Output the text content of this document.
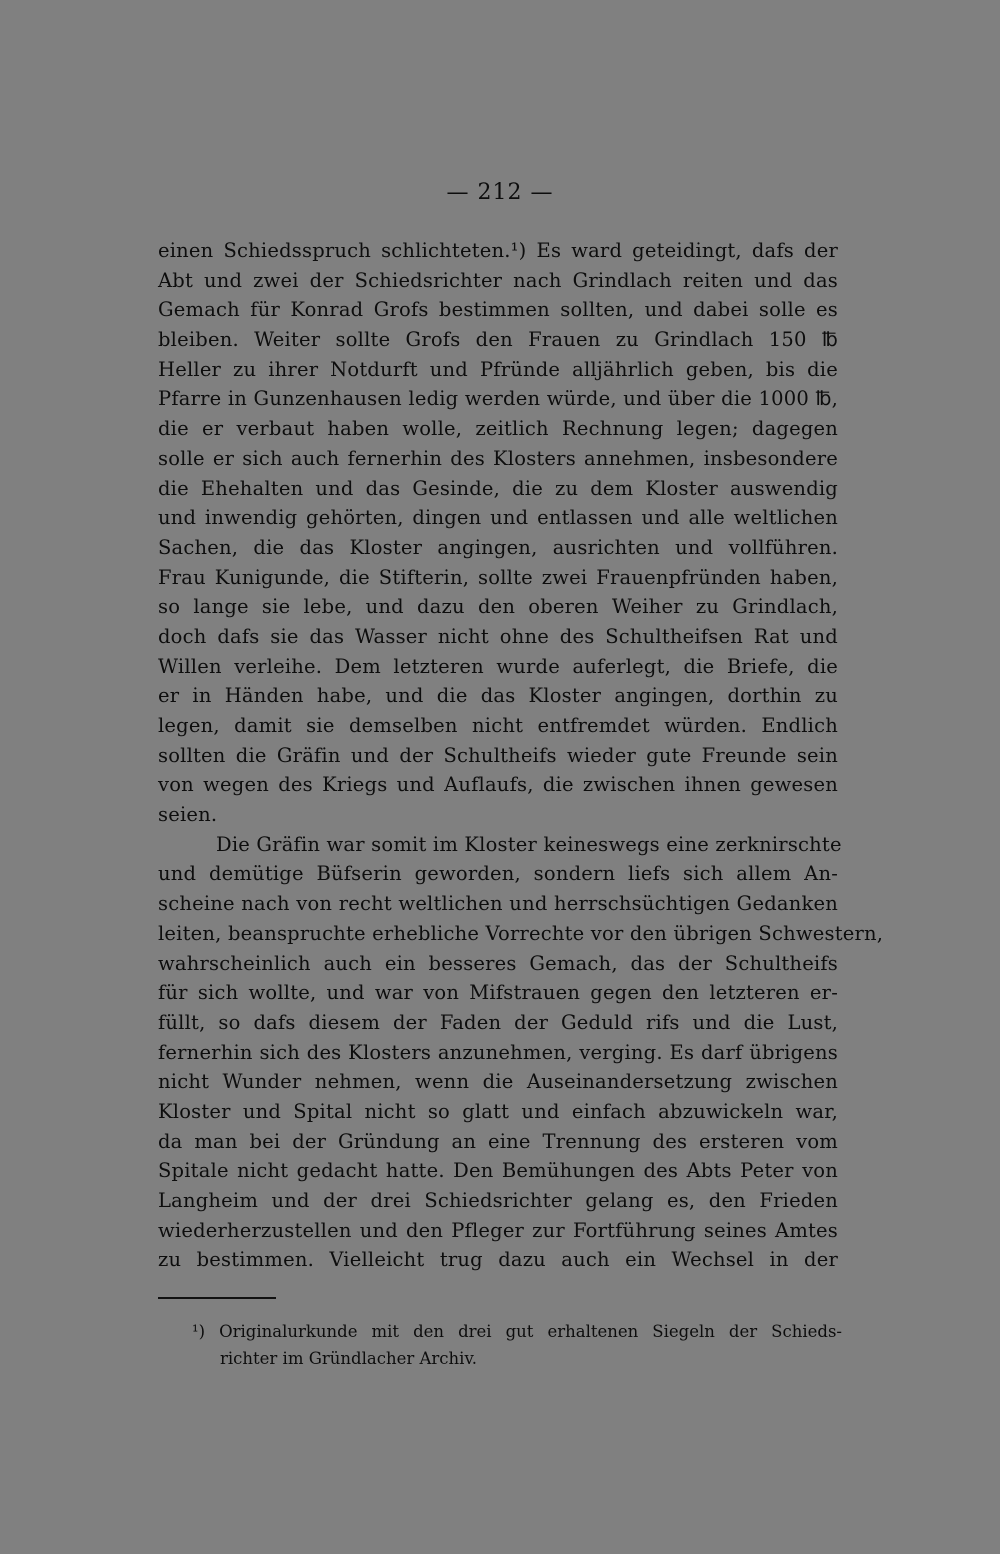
— 212 —
einen Schiedsspruch schlichteten.¹) Es ward geteidingt, dafs der
Abt und zwei der Schiedsrichter nach Grindlach reiten und das
Gemach für Konrad Grofs bestimmen sollten, und dabei solle es
bleiben. Weiter sollte Grofs den Frauen zu Grindlach 150 ℔
Heller zu ihrer Notdurft und Pfründe alljährlich geben, bis die
Pfarre in Gunzenhausen ledig werden würde, und über die 1000 ℔,
die er verbaut haben wolle, zeitlich Rechnung legen; dagegen
solle er sich auch fernerhin des Klosters annehmen, insbesondere
die Ehehalten und das Gesinde, die zu dem Kloster auswendig
und inwendig gehörten, dingen und entlassen und alle weltlichen
Sachen, die das Kloster angingen, ausrichten und vollführen.
Frau Kunigunde, die Stifterin, sollte zwei Frauenpfründen haben,
so lange sie lebe, und dazu den oberen Weiher zu Grindlach,
doch dafs sie das Wasser nicht ohne des Schultheifsen Rat und
Willen verleihe. Dem letzteren wurde auferlegt, die Briefe, die
er in Händen habe, und die das Kloster angingen, dorthin zu
legen, damit sie demselben nicht entfremdet würden. Endlich
sollten die Gräfin und der Schultheifs wieder gute Freunde sein
von wegen des Kriegs und Auflaufs, die zwischen ihnen gewesen
seien.
Die Gräfin war somit im Kloster keineswegs eine zerknirschte
und demütige Büfserin geworden, sondern liefs sich allem An-
scheine nach von recht weltlichen und herrschsüchtigen Gedanken
leiten, beanspruchte erhebliche Vorrechte vor den übrigen Schwestern,
wahrscheinlich auch ein besseres Gemach, das der Schultheifs
für sich wollte, und war von Mifstrauen gegen den letzteren er-
füllt, so dafs diesem der Faden der Geduld rifs und die Lust,
fernerhin sich des Klosters anzunehmen, verging. Es darf übrigens
nicht Wunder nehmen, wenn die Auseinandersetzung zwischen
Kloster und Spital nicht so glatt und einfach abzuwickeln war,
da man bei der Gründung an eine Trennung des ersteren vom
Spitale nicht gedacht hatte. Den Bemühungen des Abts Peter von
Langheim und der drei Schiedsrichter gelang es, den Frieden
wiederherzustellen und den Pfleger zur Fortführung seines Amtes
zu bestimmen. Vielleicht trug dazu auch ein Wechsel in der
¹) Originalurkunde mit den drei gut erhaltenen Siegeln der Schieds-
richter im Gründlacher Archiv.
